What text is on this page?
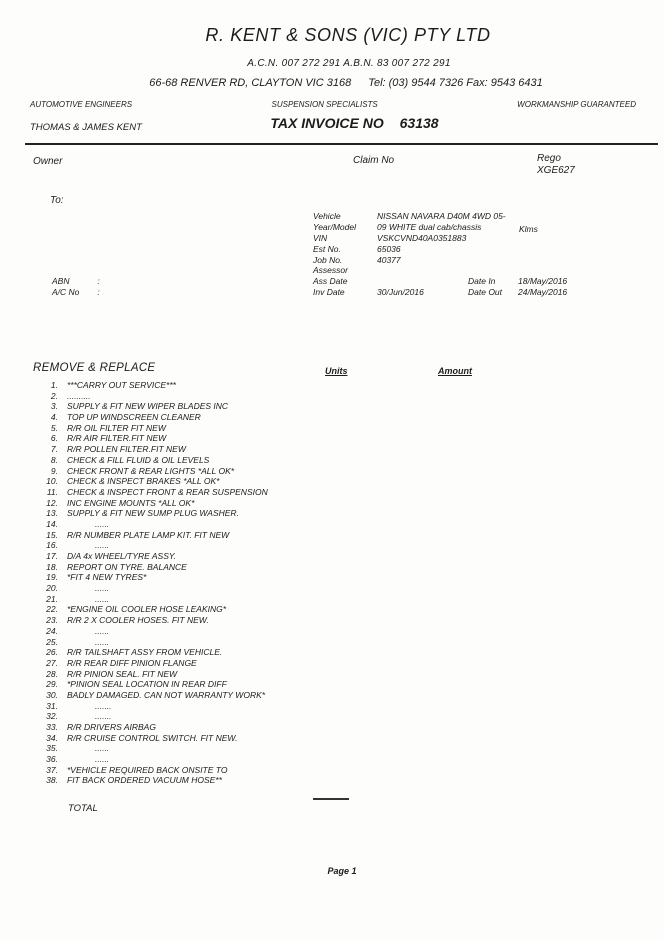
R. KENT & SONS (VIC) PTY LTD
A.C.N. 007 272 291 A.B.N. 83 007 272 291
66-68 RENVER RD, CLAYTON VIC 3168 Tel: (03) 9544 7326 Fax: 9543 6431
AUTOMOTIVE ENGINEERS	SUSPENSION SPECIALISTS	WORKMANSHIP GUARANTEED
THOMAS & JAMES KENT	TAX INVOICE NO 63138
Owner	Claim No	Rego
XGE627
To:
Vehicle	NISSAN NAVARA D40M 4WD 05-
Year/Model 09 WHITE dual cab/chassis
VIN	VSKCVND40A0351883
Est No.	65036
Job No.	40377
Assessor
Ass Date	Date In	18/May/2016
Inv Date	30/Jun/2016	Date Out 24/May/2016
Klms
ABN	:
A/C No :
REMOVE & REPLACE	Units	Amount
1. ***CARRY OUT SERVICE***
2. ..........
3. SUPPLY & FIT NEW WIPER BLADES INC
4. TOP UP WINDSCREEN CLEANER
5. R/R OIL FILTER FIT NEW
6. R/R AIR FILTER.FIT NEW
7. R/R POLLEN FILTER.FIT NEW
8. CHECK & FILL FLUID & OIL LEVELS
9. CHECK FRONT & REAR LIGHTS *ALL OK*
10. CHECK & INSPECT BRAKES *ALL OK*
11. CHECK & INSPECT FRONT & REAR SUSPENSION
12. INC ENGINE MOUNTS *ALL OK*
13. SUPPLY & FIT NEW SUMP PLUG WASHER.
14.	......
15. R/R NUMBER PLATE LAMP KIT. FIT NEW
16.	......
17. D/A 4x WHEEL/TYRE ASSY.
18. REPORT ON TYRE. BALANCE
19. *FIT 4 NEW TYRES*
20.	......
21.	......
22. *ENGINE OIL COOLER HOSE LEAKING*
23. R/R 2 X COOLER HOSES. FIT NEW.
24.	......
25.	......
26. R/R TAILSHAFT ASSY FROM VEHICLE.
27. R/R REAR DIFF PINION FLANGE
28. R/R PINION SEAL. FIT NEW
29. *PINION SEAL LOCATION IN REAR DIFF
30. BADLY DAMAGED. CAN NOT WARRANTY WORK*
31.	.......
32.	.......
33. R/R DRIVERS AIRBAG
34. R/R CRUISE CONTROL SWITCH. FIT NEW.
35.	......
36.	......
37. *VEHICLE REQUIRED BACK ONSITE TO
38. FIT BACK ORDERED VACUUM HOSE**
TOTAL
Page 1
